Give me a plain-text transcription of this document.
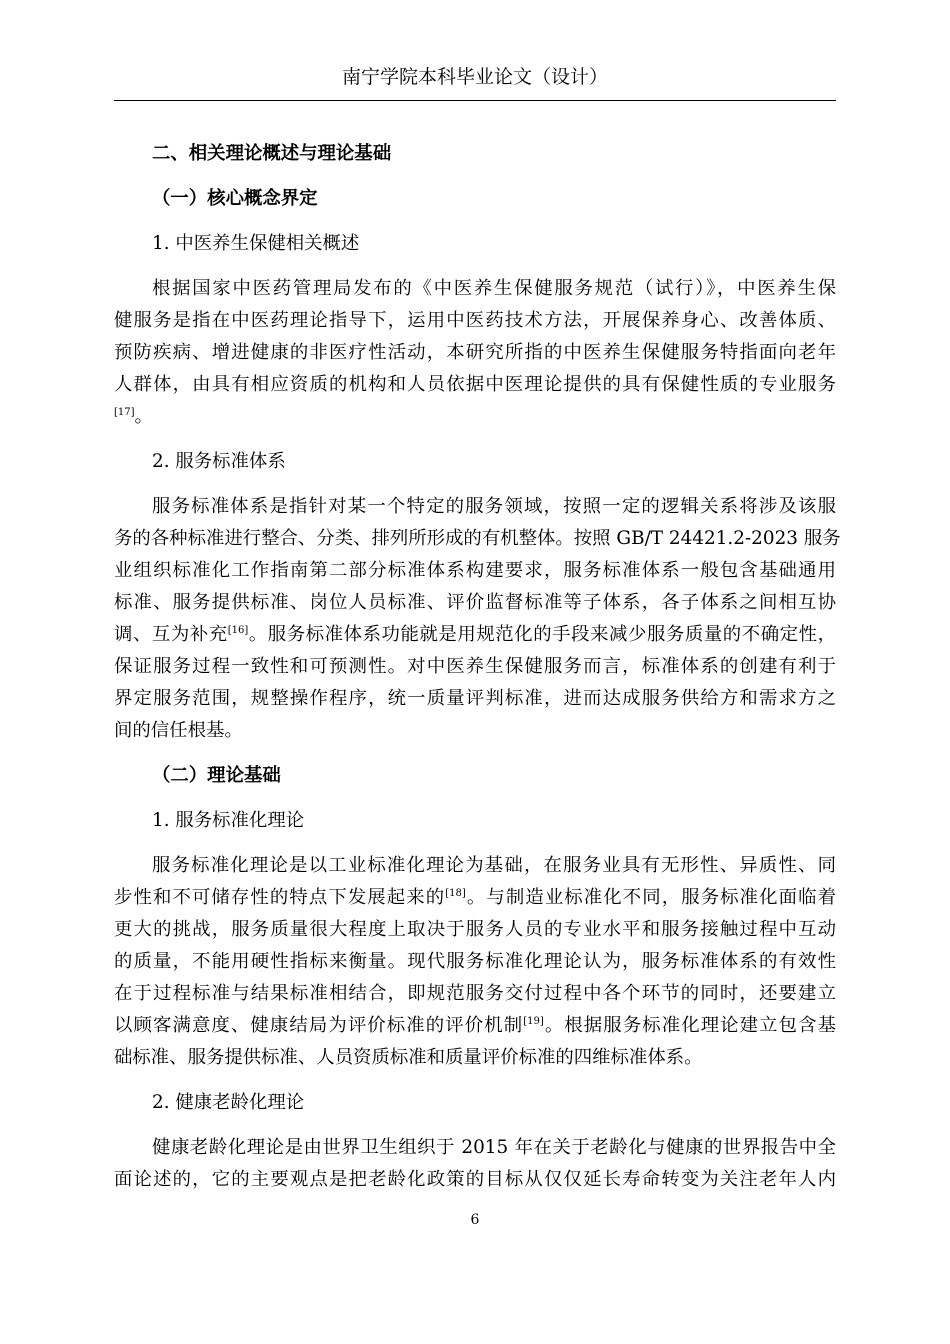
南宁学院本科毕业论文（设计）
二、相关理论概述与理论基础
（一）核心概念界定
1. 中医养生保健相关概述
根据国家中医药管理局发布的《中医养生保健服务规范（试行）》，中医养生保
健服务是指在中医药理论指导下，运用中医药技术方法，开展保养身心、改善体质、
预防疾病、增进健康的非医疗性活动，本研究所指的中医养生保健服务特指面向老年
人群体，由具有相应资质的机构和人员依据中医理论提供的具有保健性质的专业服务
[17]。
2. 服务标准体系
服务标准体系是指针对某一个特定的服务领域，按照一定的逻辑关系将涉及该服
务的各种标准进行整合、分类、排列所形成的有机整体。按照 GB/T 24421.2-2023 服务
业组织标准化工作指南第二部分标准体系构建要求，服务标准体系一般包含基础通用
标准、服务提供标准、岗位人员标准、评价监督标准等子体系，各子体系之间相互协
调、互为补充[16]。服务标准体系功能就是用规范化的手段来减少服务质量的不确定性，
保证服务过程一致性和可预测性。对中医养生保健服务而言，标准体系的创建有利于
界定服务范围，规整操作程序，统一质量评判标准，进而达成服务供给方和需求方之
间的信任根基。
（二）理论基础
1. 服务标准化理论
服务标准化理论是以工业标准化理论为基础，在服务业具有无形性、异质性、同
步性和不可储存性的特点下发展起来的[18]。与制造业标准化不同，服务标准化面临着
更大的挑战，服务质量很大程度上取决于服务人员的专业水平和服务接触过程中互动
的质量，不能用硬性指标来衡量。现代服务标准化理论认为，服务标准体系的有效性
在于过程标准与结果标准相结合，即规范服务交付过程中各个环节的同时，还要建立
以顾客满意度、健康结局为评价标准的评价机制[19]。根据服务标准化理论建立包含基
础标准、服务提供标准、人员资质标准和质量评价标准的四维标准体系。
2. 健康老龄化理论
健康老龄化理论是由世界卫生组织于 2015 年在关于老龄化与健康的世界报告中全
面论述的，它的主要观点是把老龄化政策的目标从仅仅延长寿命转变为关注老年人内
6
